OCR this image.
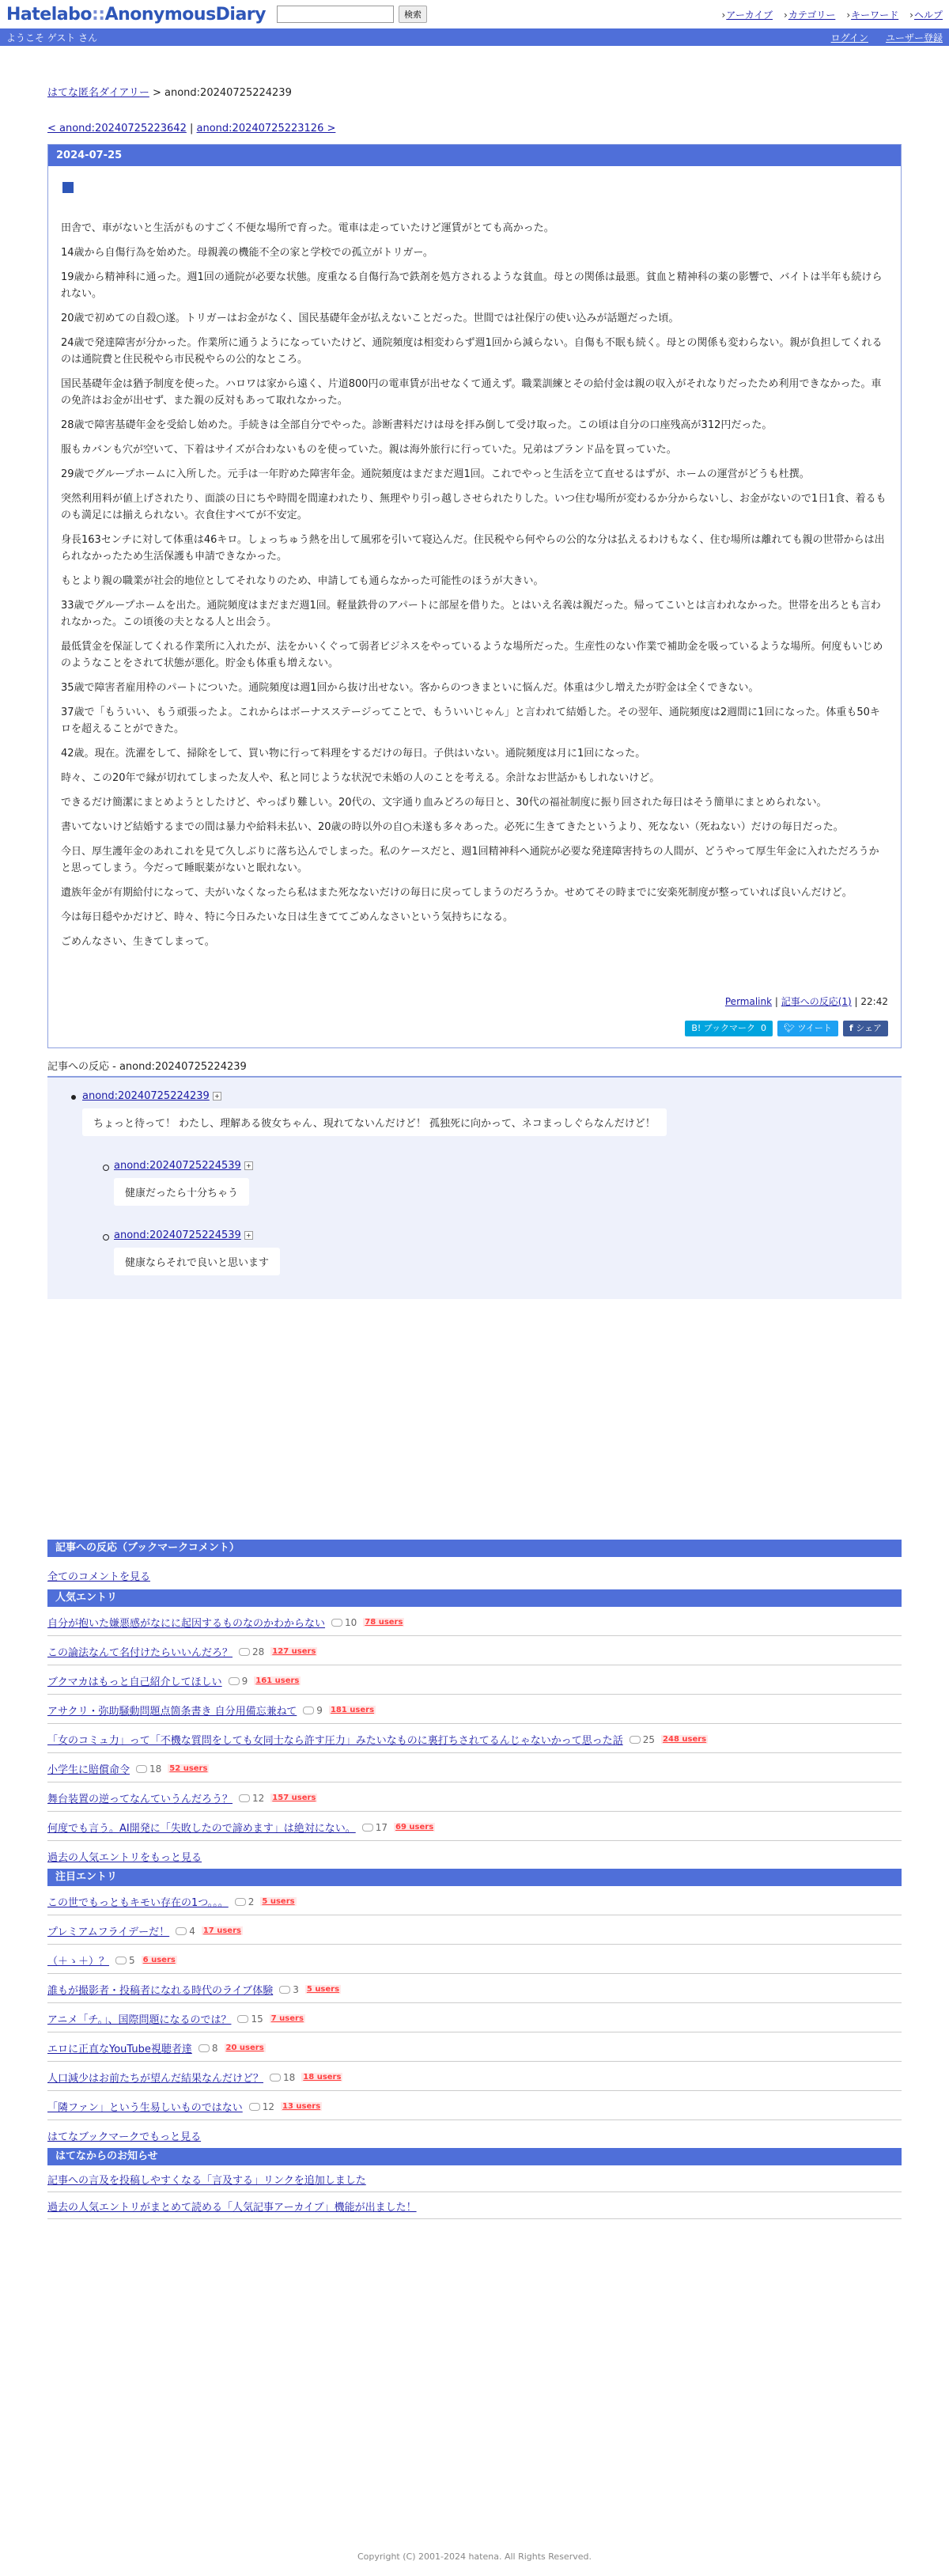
Hatelabo::AnonymousDiary	検索	› アーカイブ	› カテゴリー	› キーワード	› ヘルプ
ようこそ ゲスト さん	ログイン ユーザー登録
はてな匿名ダイアリー > anond:20240725224239
< anond:20240725223642 | anond:20240725223126 >
2024-07-25

田舎で、車がないと生活がものすごく不便な場所で育った。電車は走っていたけど運賃がとても高かった。

14歳から自傷行為を始めた。母親義の機能不全の家と学校での孤立がトリガー。

19歳から精神科に通った。週1回の通院が必要な状態。度重なる自傷行為で鉄剤を処方されるような貧血。母との関係は最悪。貧血と精神科の薬の影響で、バイトは半年も続けられない。

20歳で初めての自殺○遂。トリガーはお金がなく、国民基礎年金が払えないことだった。世間では社保庁の使い込みが話題だった頃。

24歳で発達障害が分かった。作業所に通うようになっていたけど、通院頻度は相変わらず週1回から減らない。自傷も不眠も続く。母との関係も変わらない。親が負担してくれるのは通院費と住民税やら市民税やらの公的なところ。

国民基礎年金は猶予制度を使った。ハロワは家から遠く、片道800円の電車賃が出せなくて通えず。職業訓練とその給付金は親の収入がそれなりだったため利用できなかった。車の免許はお金が出せず、また親の反対もあって取れなかった。

28歳で障害基礎年金を受給し始めた。手続きは全部自分でやった。診断書料だけは母を拝み倒して受け取った。この頃は自分の口座残高が312円だった。

服もカバンも穴が空いて、下着はサイズが合わないものを使っていた。親は海外旅行に行っていた。兄弟はブランド品を買っていた。

29歳でグループホームに入所した。元手は一年貯めた障害年金。通院頻度はまだまだ週1回。これでやっと生活を立て直せるはずが、ホームの運営がどうも杜撰。

突然利用料が値上げされたり、面談の日にちや時間を間違われたり、無理やり引っ越しさせられたりした。いつ住む場所が変わるか分からないし、お金がないので1日1食、着るものも満足には揃えられない。衣食住すべてが不安定。

身長163センチに対して体重は46キロ。しょっちゅう熱を出して風邪を引いて寝込んだ。住民税やら何やらの公的な分は払えるわけもなく、住む場所は離れても親の世帯からは出られなかったため生活保護も申請できなかった。

もとより親の職業が社会的地位としてそれなりのため、申請しても通らなかった可能性のほうが大きい。

33歳でグループホームを出た。通院頻度はまだまだ週1回。軽量鉄骨のアパートに部屋を借りた。とはいえ名義は親だった。帰ってこいとは言われなかった。世帯を出ろとも言われなかった。この頃後の夫となる人と出会う。

最低賃金を保証してくれる作業所に入れたが、法をかいくぐって弱者ビジネスをやっているような場所だった。生産性のない作業で補助金を吸っているような場所。何度もいじめのようなことをされて状態が悪化。貯金も体重も増えない。

35歳で障害者雇用枠のパートについた。通院頻度は週1回から抜け出せない。客からのつきまといに悩んだ。体重は少し増えたが貯金は全くできない。

37歳で「もういい、もう頑張ったよ。これからはボーナスステージってことで、もういいじゃん」と言われて結婚した。その翌年、通院頻度は2週間に1回になった。体重も50キロを超えることができた。

42歳。現在。洗濯をして、掃除をして、買い物に行って料理をするだけの毎日。子供はいない。通院頻度は月に1回になった。

時々、この20年で縁が切れてしまった友人や、私と同じような状況で未婚の人のことを考える。余計なお世話かもしれないけど。

できるだけ簡潔にまとめようとしたけど、やっぱり難しい。20代の、文字通り血みどろの毎日と、30代の福祉制度に振り回された毎日はそう簡単にまとめられない。

書いてないけど結婚するまでの間は暴力や給料未払い、20歳の時以外の自○未遂も多々あった。必死に生きてきたというより、死なない（死ねない）だけの毎日だった。

今日、厚生護年金のあれこれを見て久しぶりに落ち込んでしまった。私のケースだと、週1回精神科へ通院が必要な発達障害持ちの人間が、どうやって厚生年金に入れただろうかと思ってしまう。今だって睡眠薬がないと眠れない。

遺族年金が有期給付になって、夫がいなくなったら私はまた死なないだけの毎日に戻ってしまうのだろうか。せめてその時までに安楽死制度が整っていれば良いんだけど。

今は毎日穏やかだけど、時々、特に今日みたいな日は生きててごめんなさいという気持ちになる。

ごめんなさい、生きてしまって。

Permalink | 記事への反応(1) | 22:42
B! ブックマーク 0	🐦︎ ツイート	f シェア
記事への反応 - anond:20240725224239
anond:20240725224239 +
ちょっと待って！ わたし、理解ある彼女ちゃん、現れてないんだけど！ 孤独死に向かって、ネコまっしぐらなんだけど！
anond:20240725224539 +
健康だったら十分ちゃう
anond:20240725224539 +
健康ならそれで良いと思います
記事への反応（ブックマークコメント）
全てのコメントを見る
人気エントリ
自分が抱いた嫌悪感がなにに起因するものなのかわからない 10 78 users
この論法なんて名付けたらいいんだろ？ 28 127 users
ブクマカはもっと自己紹介してほしい 9 161 users
アサクリ・弥助騒動問題点箇条書き 自分用備忘兼ねて 9 181 users
「女のコミュ力」って「不機な質問をしても女同士なら許す圧力」みたいなものに裏打ちされてるんじゃないかって思った話 25 248 users
小学生に賠償命令 18 52 users
舞台装置の逆ってなんていうんだろう？ 12 157 users
何度でも言う。AI開発に「失敗したので諦めます」は絶対にない。 17 69 users
過去の人気エントリをもっと見る
注目エントリ
この世でもっともキモい存在の1つ。。。 2 5 users
プレミアムフライデーだ！ 4 17 users
（＋ゝ＋）？ 5 6 users
誰もが撮影者・投稿者になれる時代のライブ体験 3 5 users
アニメ「チ。」、国際問題になるのでは？ 15 7 users
エロに正直なYouTube視聴者達 8 20 users
人口減少はお前たちが望んだ結果なんだけど？ 18 18 users
「隣ファン」という生易しいものではない 12 13 users
はてなブックマークでもっと見る
はてなからのお知らせ
記事への言及を投稿しやすくなる「言及する」リンクを追加しました
過去の人気エントリがまとめて読める「人気記事アーカイブ」機能が出ました！
Copyright (C) 2001-2024 hatena. All Rights Reserved.
